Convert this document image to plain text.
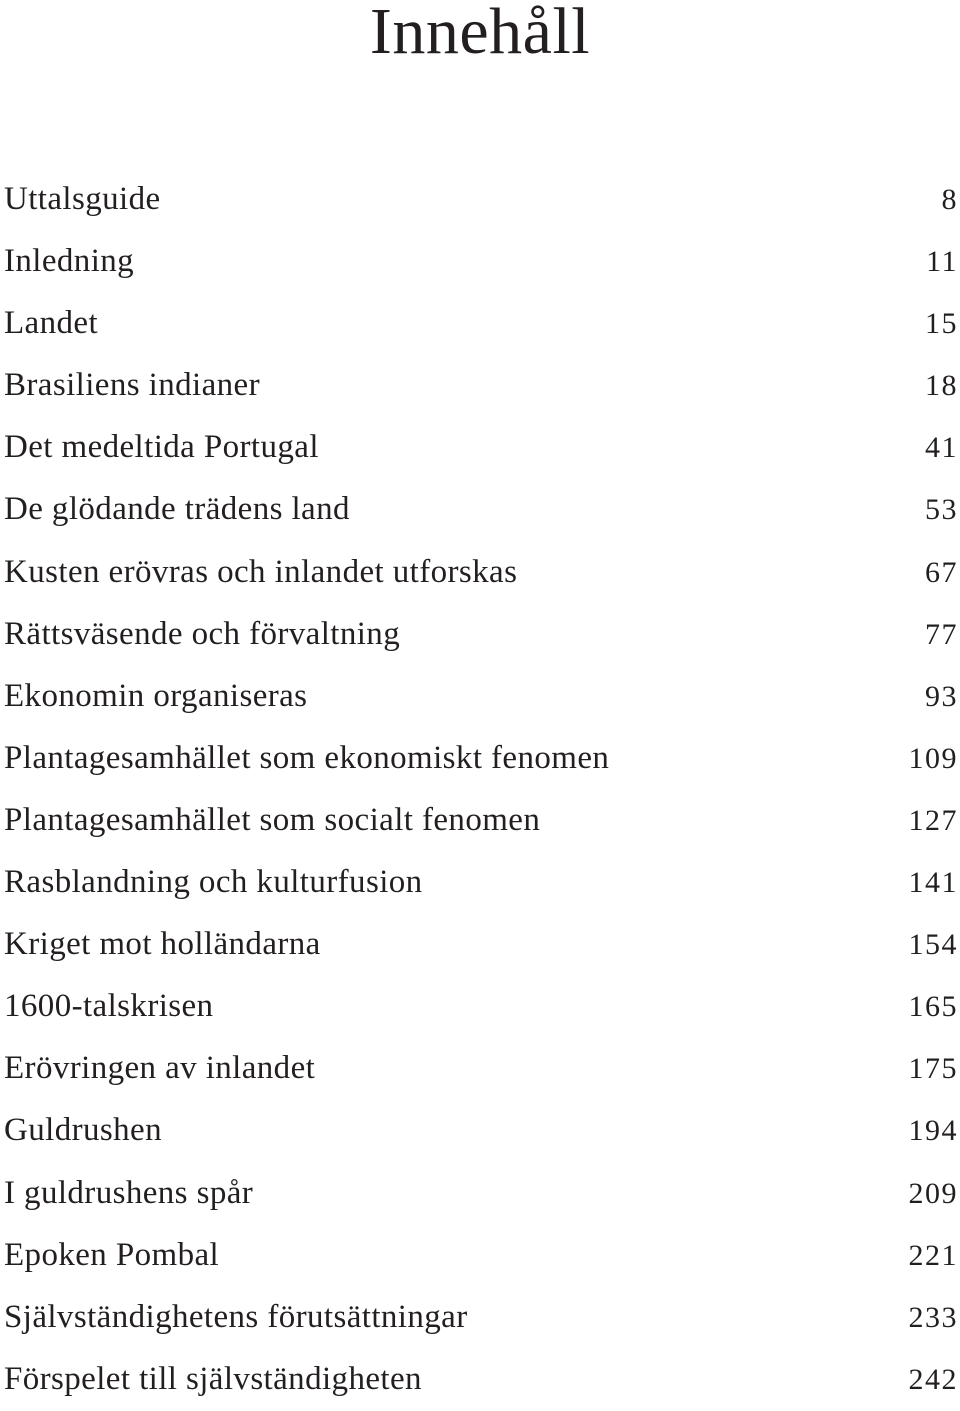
Innehåll
Uttalsguide	8
Inledning	11
Landet	15
Brasiliens indianer	18
Det medeltida Portugal	41
De glödande trädens land	53
Kusten erövras och inlandet utforskas	67
Rättsväsende och förvaltning	77
Ekonomin organiseras	93
Plantagesamhället som ekonomiskt fenomen	109
Plantagesamhället som socialt fenomen	127
Rasblandning och kulturfusion	141
Kriget mot holländarna	154
1600-talskrisen	165
Erövringen av inlandet	175
Guldrushen	194
I guldrushens spår	209
Epoken Pombal	221
Självständighetens förutsättningar	233
Förspelet till självständigheten	242
